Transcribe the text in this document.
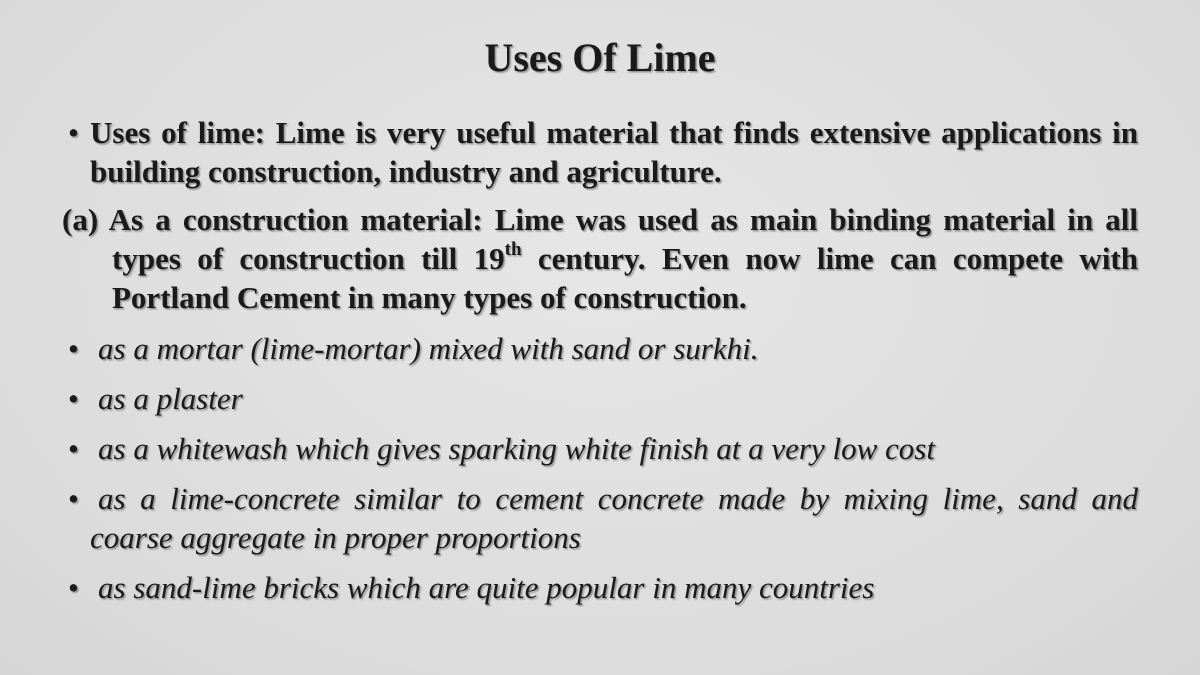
Uses Of Lime

• Uses of lime: Lime is very useful material that finds extensive applications in building construction, industry and agriculture.

(a) As a construction material: Lime was used as main binding material in all types of construction till 19th century. Even now lime can compete with Portland Cement in many types of construction.

• as a mortar (lime-mortar) mixed with sand or surkhi.
• as a plaster
• as a whitewash which gives sparking white finish at a very low cost
• as a lime-concrete similar to cement concrete made by mixing lime, sand and coarse aggregate in proper proportions
• as sand-lime bricks which are quite popular in many countries
